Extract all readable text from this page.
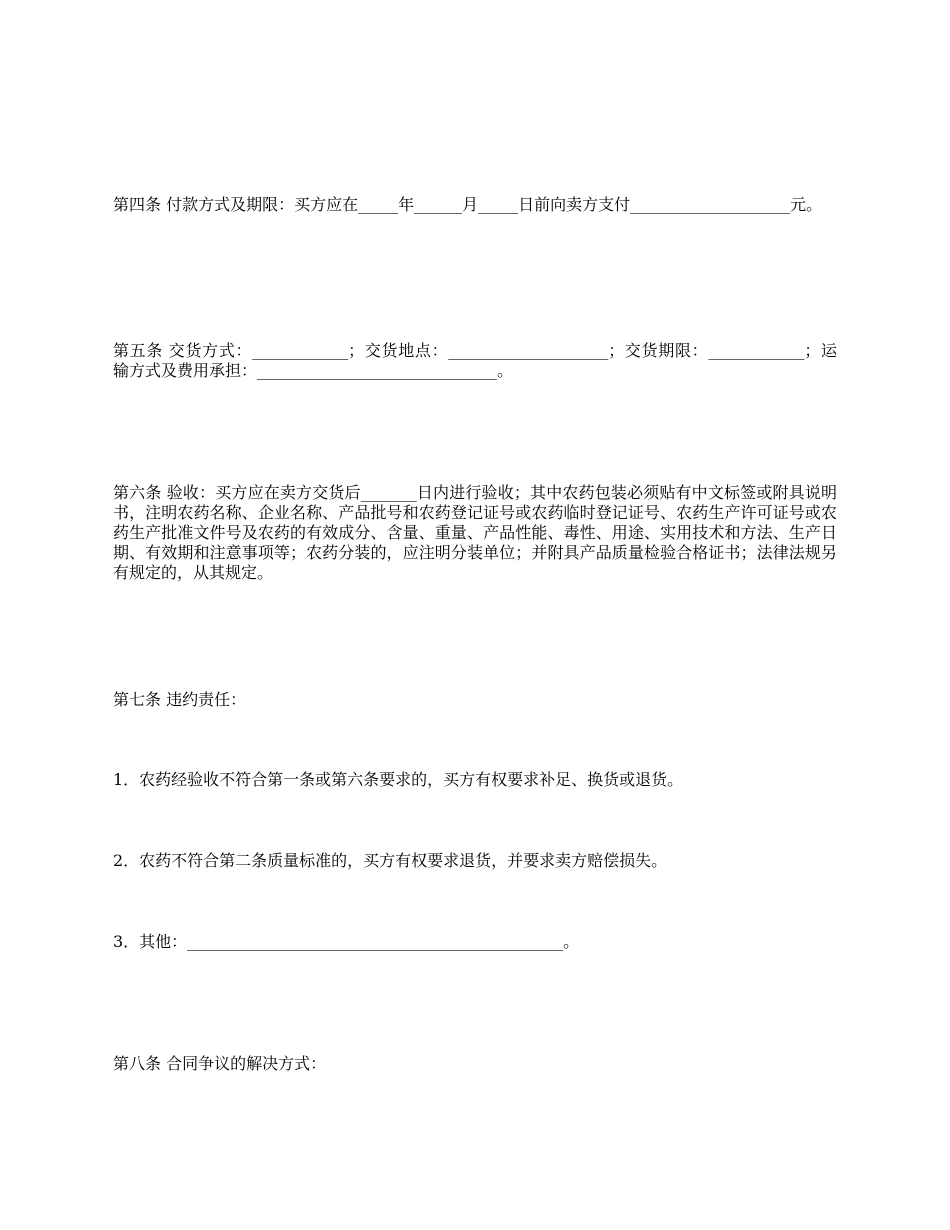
第四条 付款方式及期限：买方应在_____年______月_____日前向卖方支付____________________元。

第五条 交货方式：____________；交货地点：____________________；交货期限：____________；运输方式及费用承担：______________________________。

第六条 验收：买方应在卖方交货后_______日内进行验收；其中农药包装必须贴有中文标签或附具说明书，注明农药名称、企业名称、产品批号和农药登记证号或农药临时登记证号、农药生产许可证号或农药生产批准文件号及农药的有效成分、含量、重量、产品性能、毒性、用途、实用技术和方法、生产日期、有效期和注意事项等；农药分装的，应注明分装单位；并附具产品质量检验合格证书；法律法规另有规定的，从其规定。

第七条 违约责任：

1．农药经验收不符合第一条或第六条要求的，买方有权要求补足、换货或退货。

2．农药不符合第二条质量标准的，买方有权要求退货，并要求卖方赔偿损失。

3．其他：_______________________________________________。

第八条 合同争议的解决方式：
